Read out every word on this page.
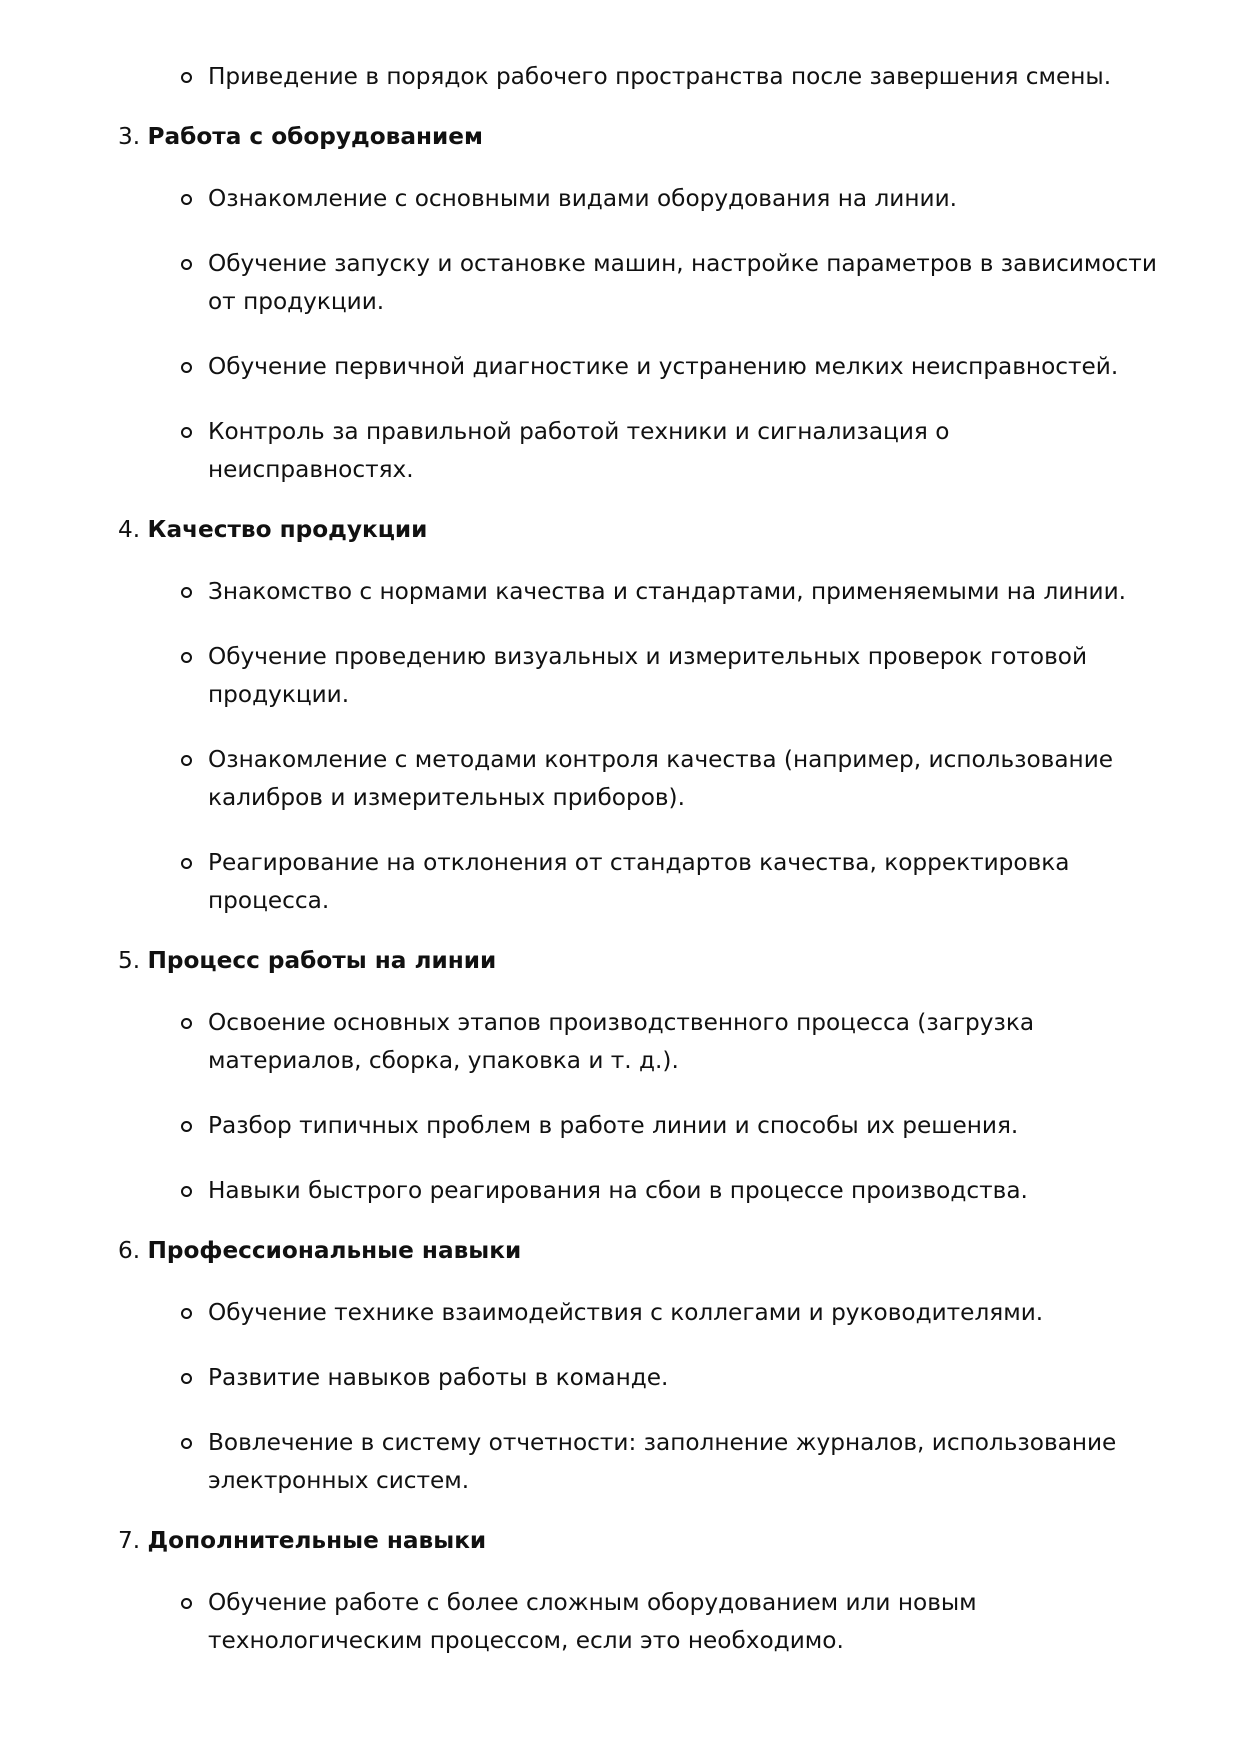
Приведение в порядок рабочего пространства после завершения смены.
3. Работа с оборудованием
Ознакомление с основными видами оборудования на линии.
Обучение запуску и остановке машин, настройке параметров в зависимости от продукции.
Обучение первичной диагностике и устранению мелких неисправностей.
Контроль за правильной работой техники и сигнализация о неисправностях.
4. Качество продукции
Знакомство с нормами качества и стандартами, применяемыми на линии.
Обучение проведению визуальных и измерительных проверок готовой продукции.
Ознакомление с методами контроля качества (например, использование калибров и измерительных приборов).
Реагирование на отклонения от стандартов качества, корректировка процесса.
5. Процесс работы на линии
Освоение основных этапов производственного процесса (загрузка материалов, сборка, упаковка и т. д.).
Разбор типичных проблем в работе линии и способы их решения.
Навыки быстрого реагирования на сбои в процессе производства.
6. Профессиональные навыки
Обучение технике взаимодействия с коллегами и руководителями.
Развитие навыков работы в команде.
Вовлечение в систему отчетности: заполнение журналов, использование электронных систем.
7. Дополнительные навыки
Обучение работе с более сложным оборудованием или новым технологическим процессом, если это необходимо.
